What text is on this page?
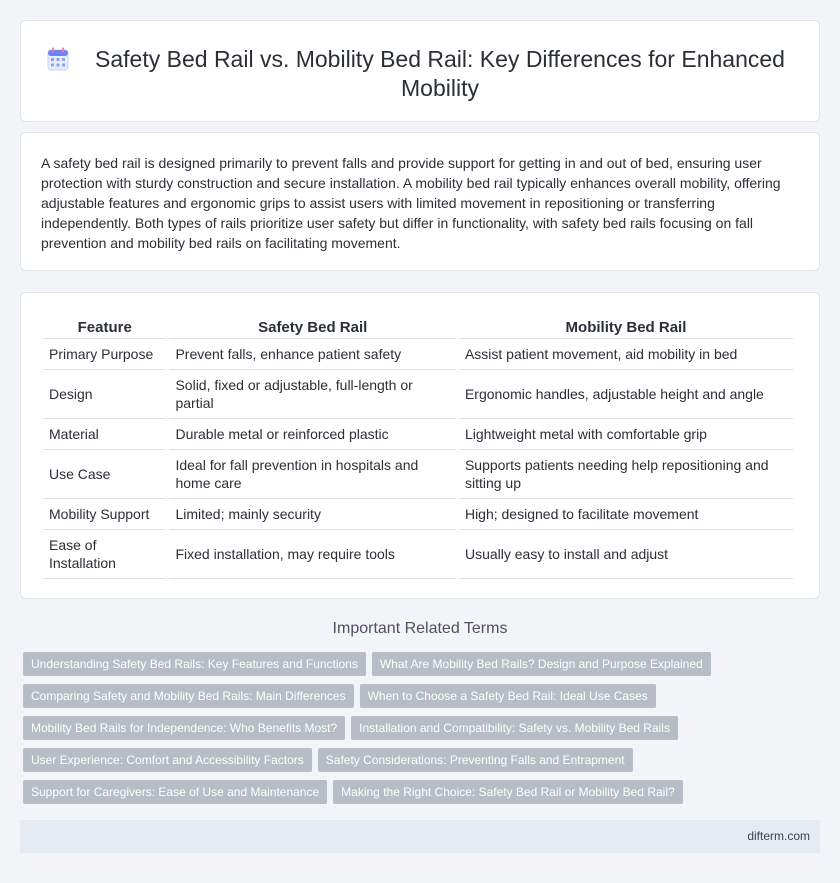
Safety Bed Rail vs. Mobility Bed Rail: Key Differences for Enhanced Mobility

A safety bed rail is designed primarily to prevent falls and provide support for getting in and out of bed, ensuring user protection with sturdy construction and secure installation. A mobility bed rail typically enhances overall mobility, offering adjustable features and ergonomic grips to assist users with limited movement in repositioning or transferring independently. Both types of rails prioritize user safety but differ in functionality, with safety bed rails focusing on fall prevention and mobility bed rails on facilitating movement.

Feature	Safety Bed Rail	Mobility Bed Rail
Primary Purpose	Prevent falls, enhance patient safety	Assist patient movement, aid mobility in bed
Design	Solid, fixed or adjustable, full-length or partial	Ergonomic handles, adjustable height and angle
Material	Durable metal or reinforced plastic	Lightweight metal with comfortable grip
Use Case	Ideal for fall prevention in hospitals and home care	Supports patients needing help repositioning and sitting up
Mobility Support	Limited; mainly security	High; designed to facilitate movement
Ease of Installation	Fixed installation, may require tools	Usually easy to install and adjust
Important Related Terms
Understanding Safety Bed Rails: Key Features and Functions	What Are Mobility Bed Rails? Design and Purpose Explained
Comparing Safety and Mobility Bed Rails: Main Differences	When to Choose a Safety Bed Rail: Ideal Use Cases
Mobility Bed Rails for Independence: Who Benefits Most?	Installation and Compatibility: Safety vs. Mobility Bed Rails
User Experience: Comfort and Accessibility Factors	Safety Considerations: Preventing Falls and Entrapment
Support for Caregivers: Ease of Use and Maintenance	Making the Right Choice: Safety Bed Rail or Mobility Bed Rail?
difterm.com
